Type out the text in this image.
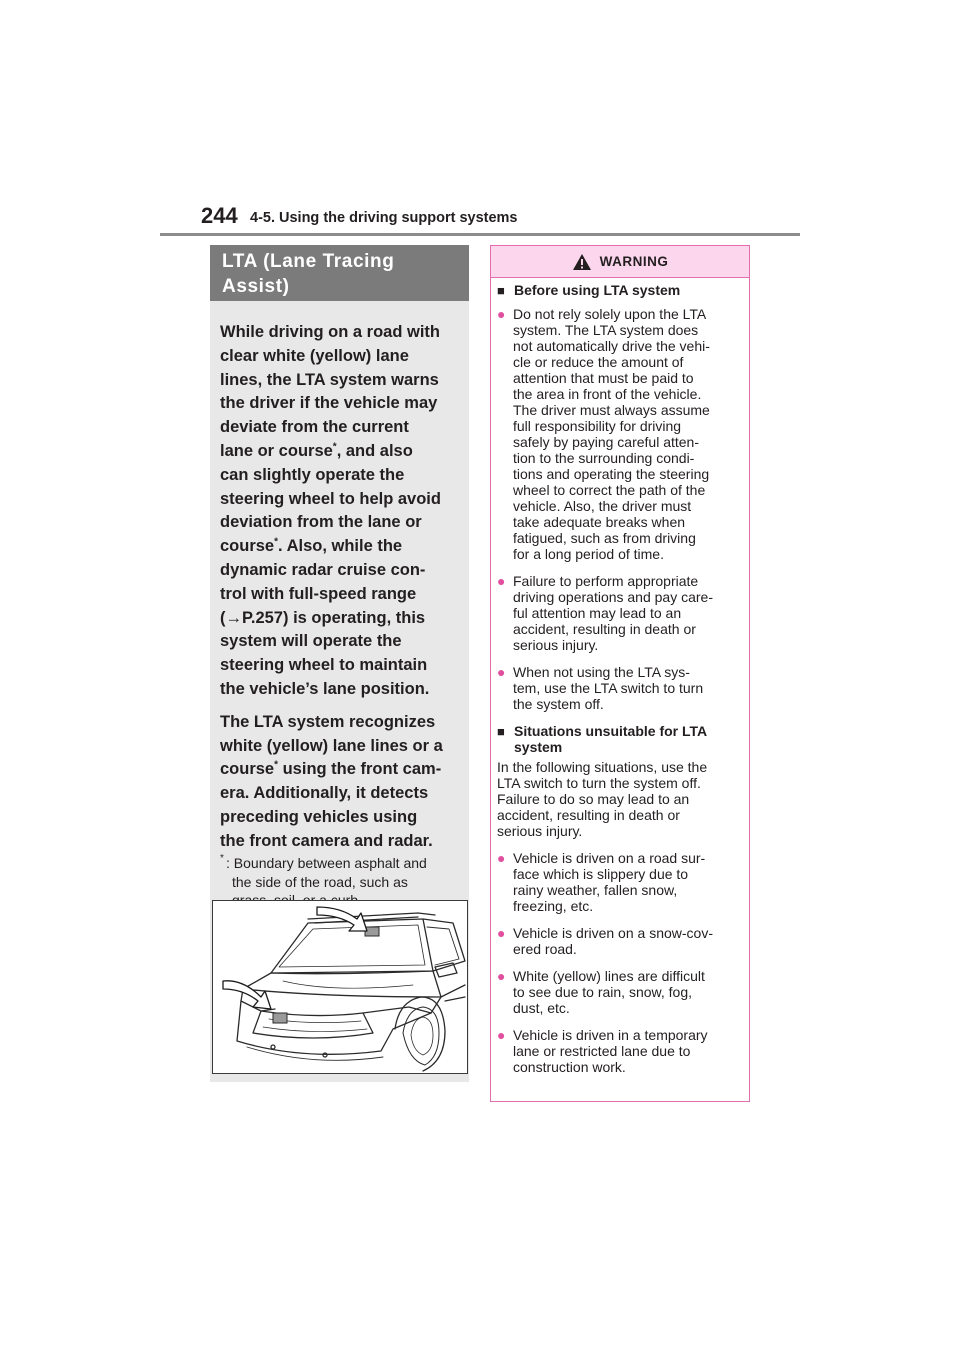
244 4-5. Using the driving support systems
LTA (Lane Tracing
Assist)

While driving on a road with
clear white (yellow) lane
lines, the LTA system warns
the driver if the vehicle may
deviate from the current
lane or course*, and also
can slightly operate the
steering wheel to help avoid
deviation from the lane or
course*. Also, while the
dynamic radar cruise con-
trol with full-speed range
(→P.257) is operating, this
system will operate the
steering wheel to maintain
the vehicle’s lane position.

The LTA system recognizes
white (yellow) lane lines or a
course* using the front cam-
era. Additionally, it detects
preceding vehicles using
the front camera and radar.

* : Boundary between asphalt and
the side of the road, such as

WARNING
■ Before using LTA system
● Do not rely solely upon the LTA
system. The LTA system does
not automatically drive the vehi-
cle or reduce the amount of
attention that must be paid to
the area in front of the vehicle.
The driver must always assume
full responsibility for driving
safely by paying careful atten-
tion to the surrounding condi-
tions and operating the steering
wheel to correct the path of the
vehicle. Also, the driver must
take adequate breaks when
fatigued, such as from driving
for a long period of time.
● Failure to perform appropriate
driving operations and pay care-
ful attention may lead to an
accident, resulting in death or
serious injury.
● When not using the LTA sys-
tem, use the LTA switch to turn
the system off.
■ Situations unsuitable for LTA
system
In the following situations, use the
LTA switch to turn the system off.
Failure to do so may lead to an
accident, resulting in death or
serious injury.
● Vehicle is driven on a road sur-
face which is slippery due to
rainy weather, fallen snow,
freezing, etc.
● Vehicle is driven on a snow-cov-
ered road.
● White (yellow) lines are difficult
to see due to rain, snow, fog,
dust, etc.
● Vehicle is driven in a temporary
lane or restricted lane due to
construction work.
